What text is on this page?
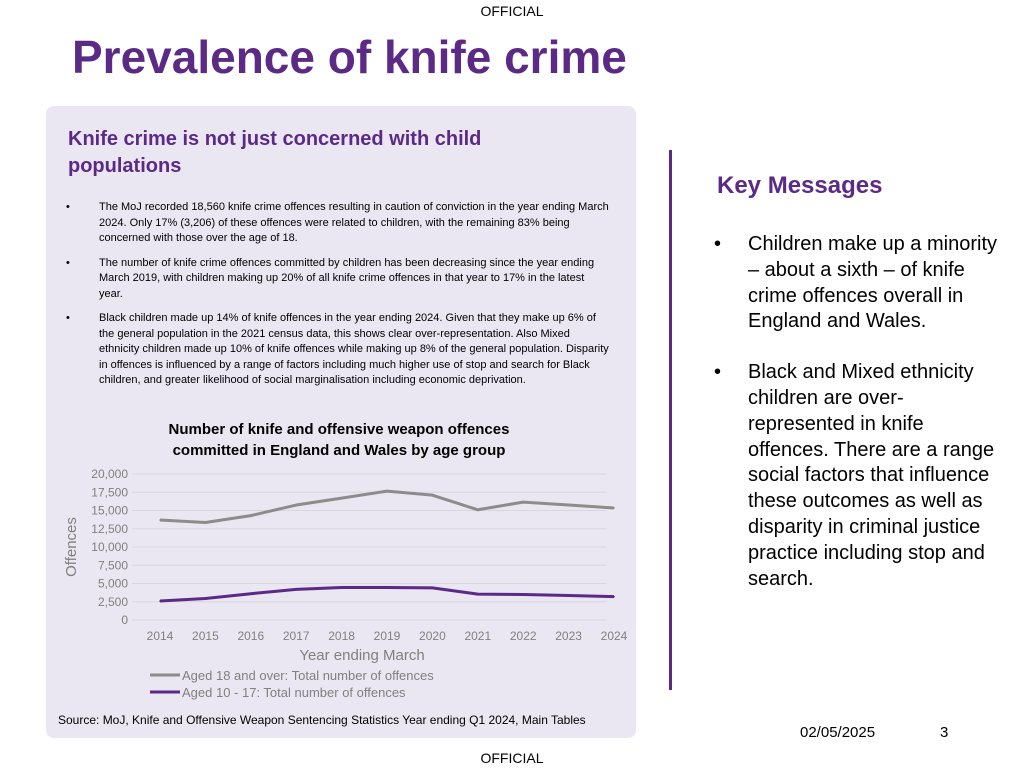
OFFICIAL
Prevalence of knife crime
Knife crime is not just concerned with child populations
•	The MoJ recorded 18,560 knife crime offences resulting in caution of conviction in the year ending March 2024. Only 17% (3,206) of these offences were related to children, with the remaining 83% being concerned with those over the age of 18.
•	The number of knife crime offences committed by children has been decreasing since the year ending March 2019, with children making up 20% of all knife crime offences in that year to 17% in the latest year.
•	Black children made up 14% of knife offences in the year ending 2024. Given that they make up 6% of the general population in the 2021 census data, this shows clear over-representation. Also Mixed ethnicity children made up 10% of knife offences while making up 8% of the general population. Disparity in offences is influenced by a range of factors including much higher use of stop and search for Black children, and greater likelihood of social marginalisation including economic deprivation.
Number of knife and offensive weapon offences
committed in England and Wales by age group
0
2,500
5,000
7,500
10,000
12,500
15,000
17,500
20,000
2014 2015 2016 2017 2018 2019 2020 2021 2022 2023 2024
Year ending March
Offences
Aged 18 and over: Total number of offences
Aged 10 - 17: Total number of offences
Source: MoJ, Knife and Offensive Weapon Sentencing Statistics Year ending Q1 2024, Main Tables
Key Messages
• Children make up a minority – about a sixth – of knife crime offences overall in England and Wales.
• Black and Mixed ethnicity children are over-represented in knife offences. There are a range social factors that influence these outcomes as well as disparity in criminal justice practice including stop and search.
02/05/2025	3
OFFICIAL
